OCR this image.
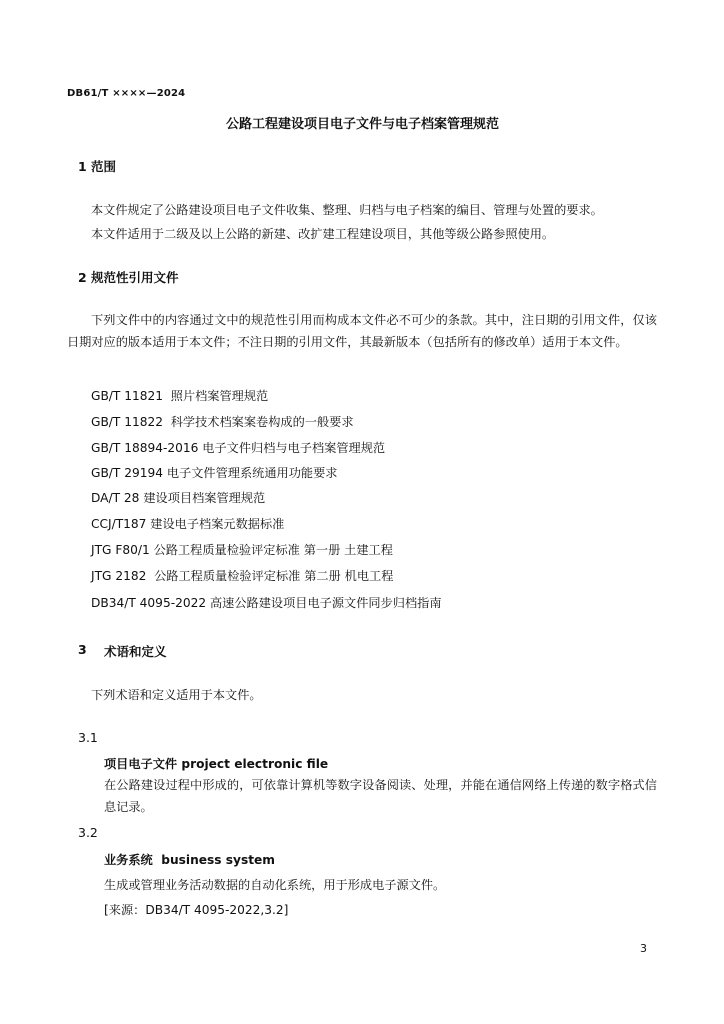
DB61/T ××××—2024
公路工程建设项目电子文件与电子档案管理规范
1 范围
本文件规定了公路建设项目电子文件收集、整理、归档与电子档案的编目、管理与处置的要求。
本文件适用于二级及以上公路的新建、改扩建工程建设项目，其他等级公路参照使用。
2 规范性引用文件
下列文件中的内容通过文中的规范性引用而构成本文件必不可少的条款。其中，注日期的引用文件，仅该日期对应的版本适用于本文件；不注日期的引用文件，其最新版本（包括所有的修改单）适用于本文件。
GB/T 11821  照片档案管理规范
GB/T 11822  科学技术档案案卷构成的一般要求
GB/T 18894-2016 电子文件归档与电子档案管理规范
GB/T 29194 电子文件管理系统通用功能要求
DA/T 28 建设项目档案管理规范
CCJ/T187 建设电子档案元数据标准
JTG F80/1 公路工程质量检验评定标准 第一册 土建工程
JTG 2182  公路工程质量检验评定标准 第二册 机电工程
DB34/T 4095-2022 高速公路建设项目电子源文件同步归档指南
3 术语和定义
下列术语和定义适用于本文件。
3.1
项目电子文件 project electronic file
在公路建设过程中形成的，可依靠计算机等数字设备阅读、处理，并能在通信网络上传递的数字格式信息记录。
3.2
业务系统  business system
生成或管理业务活动数据的自动化系统，用于形成电子源文件。
[来源：DB34/T 4095-2022,3.2]
3
